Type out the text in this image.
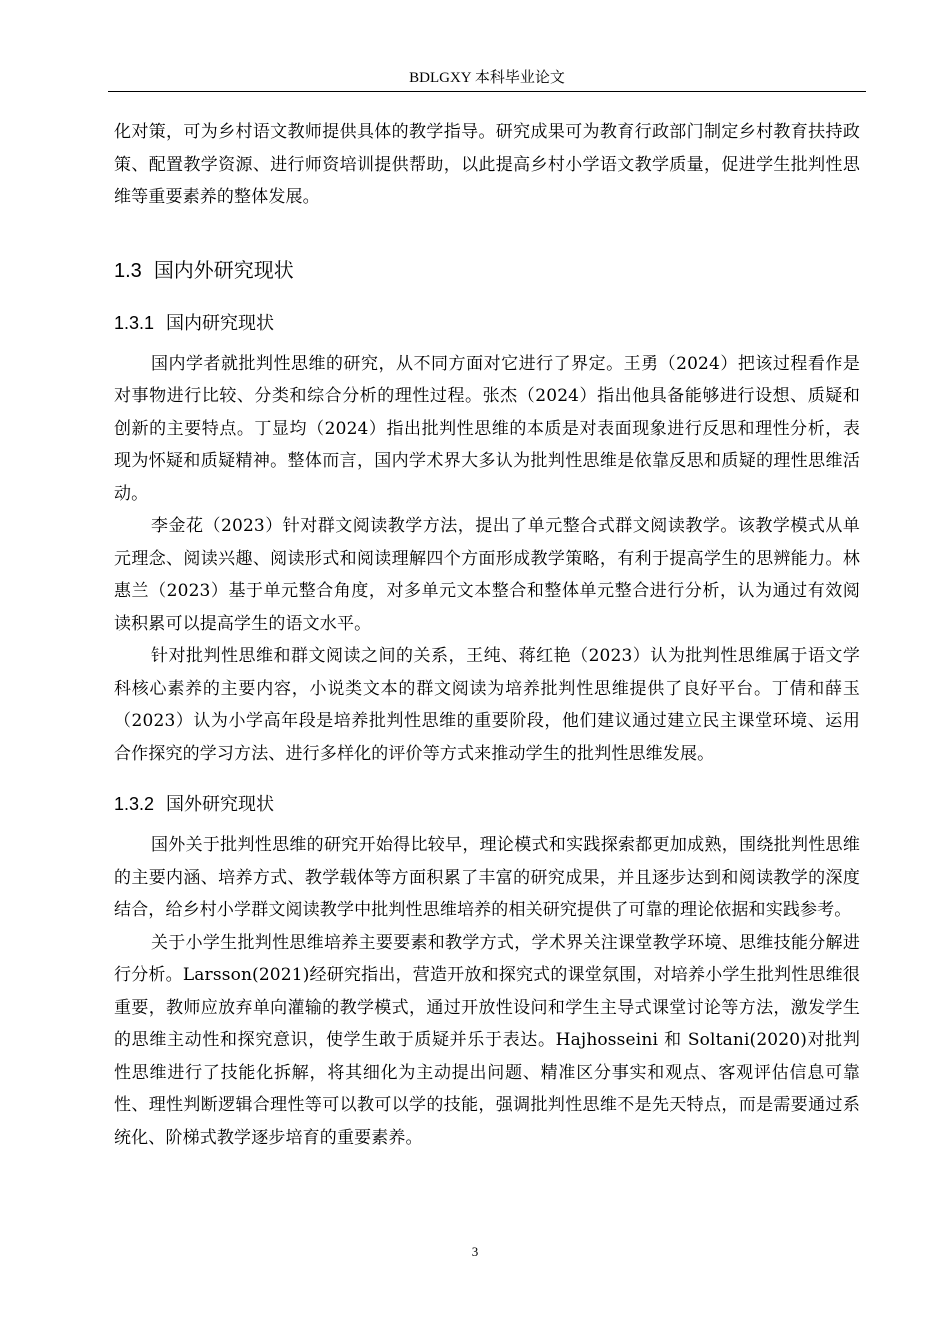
BDLGXY 本科毕业论文

化对策，可为乡村语文教师提供具体的教学指导。研究成果可为教育行政部门制定乡村教育扶持政策、配置教学资源、进行师资培训提供帮助，以此提高乡村小学语文教学质量，促进学生批判性思维等重要素养的整体发展。

1.3 国内外研究现状
1.3.1 国内研究现状

国内学者就批判性思维的研究，从不同方面对它进行了界定。王勇（2024）把该过程看作是对事物进行比较、分类和综合分析的理性过程。张杰（2024）指出他具备能够进行设想、质疑和创新的主要特点。丁显均（2024）指出批判性思维的本质是对表面现象进行反思和理性分析，表现为怀疑和质疑精神。整体而言，国内学术界大多认为批判性思维是依靠反思和质疑的理性思维活动。

李金花（2023）针对群文阅读教学方法，提出了单元整合式群文阅读教学。该教学模式从单元理念、阅读兴趣、阅读形式和阅读理解四个方面形成教学策略，有利于提高学生的思辨能力。林惠兰（2023）基于单元整合角度，对多单元文本整合和整体单元整合进行分析，认为通过有效阅读积累可以提高学生的语文水平。

针对批判性思维和群文阅读之间的关系，王纯、蒋红艳（2023）认为批判性思维属于语文学科核心素养的主要内容，小说类文本的群文阅读为培养批判性思维提供了良好平台。丁倩和薛玉（2023）认为小学高年段是培养批判性思维的重要阶段，他们建议通过建立民主课堂环境、运用合作探究的学习方法、进行多样化的评价等方式来推动学生的批判性思维发展。

1.3.2 国外研究现状

国外关于批判性思维的研究开始得比较早，理论模式和实践探索都更加成熟，围绕批判性思维的主要内涵、培养方式、教学载体等方面积累了丰富的研究成果，并且逐步达到和阅读教学的深度结合，给乡村小学群文阅读教学中批判性思维培养的相关研究提供了可靠的理论依据和实践参考。

关于小学生批判性思维培养主要要素和教学方式，学术界关注课堂教学环境、思维技能分解进行分析。Larsson(2021)经研究指出，营造开放和探究式的课堂氛围，对培养小学生批判性思维很重要，教师应放弃单向灌输的教学模式，通过开放性设问和学生主导式课堂讨论等方法，激发学生的思维主动性和探究意识，使学生敢于质疑并乐于表达。Hajhosseini 和 Soltani(2020)对批判性思维进行了技能化拆解，将其细化为主动提出问题、精准区分事实和观点、客观评估信息可靠性、理性判断逻辑合理性等可以教可以学的技能，强调批判性思维不是先天特点，而是需要通过系统化、阶梯式教学逐步培育的重要素养。

3
